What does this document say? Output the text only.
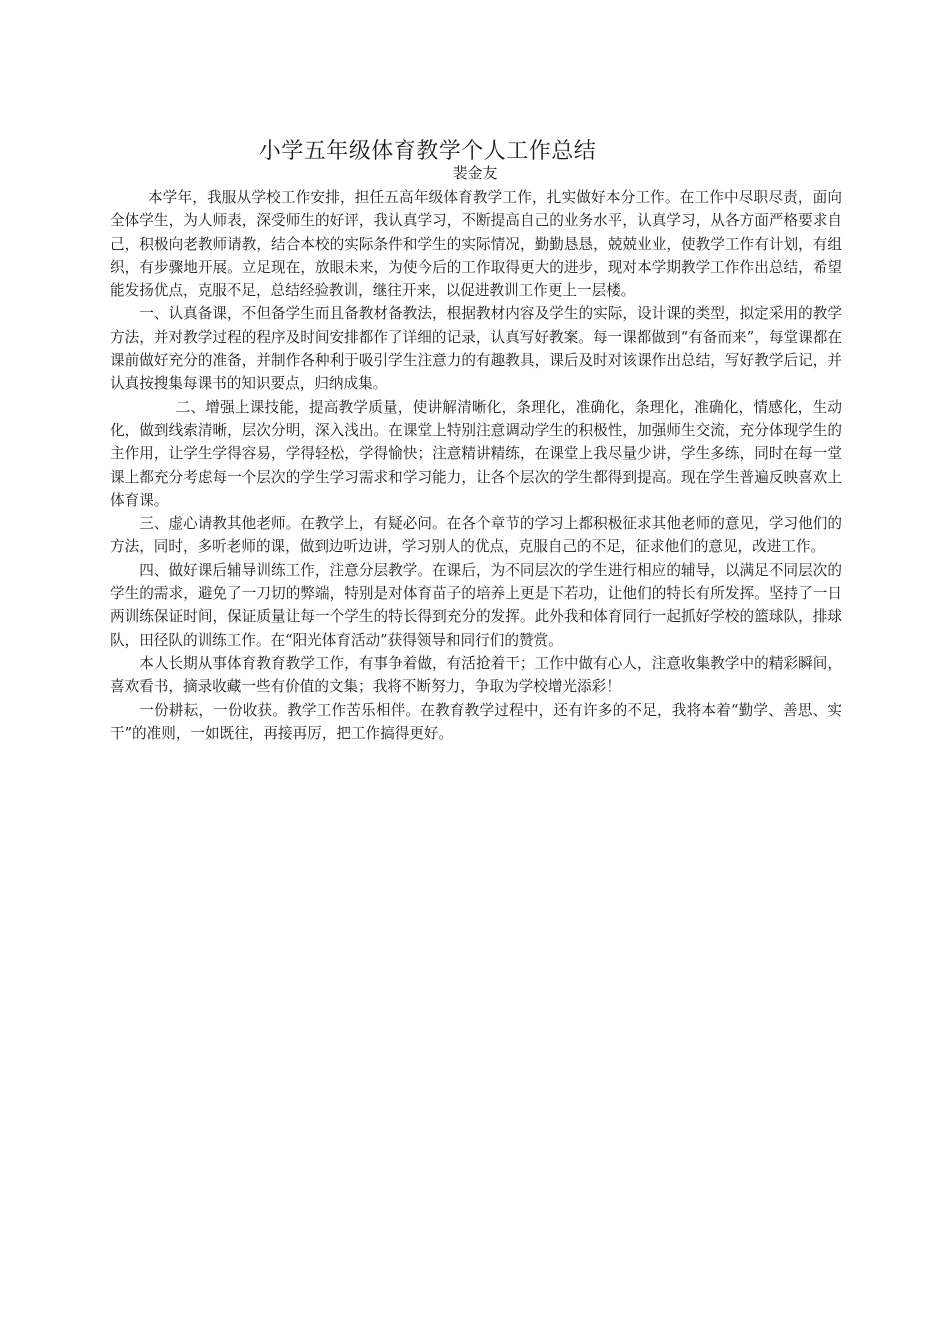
小学五年级体育教学个人工作总结
裴金友

本学年，我服从学校工作安排，担任五高年级体育教学工作，扎实做好本分工作。在工作中尽职尽责，面向全体学生，为人师表，深受师生的好评，我认真学习，不断提高自己的业务水平，认真学习，从各方面严格要求自己，积极向老教师请教，结合本校的实际条件和学生的实际情况，勤勤恳恳，兢兢业业，使教学工作有计划，有组织，有步骤地开展。立足现在，放眼未来，为使今后的工作取得更大的进步，现对本学期教学工作作出总结，希望能发扬优点，克服不足，总结经验教训，继往开来，以促进教训工作更上一层楼。

一、认真备课，不但备学生而且备教材备教法，根据教材内容及学生的实际，设计课的类型，拟定采用的教学方法，并对教学过程的程序及时间安排都作了详细的记录，认真写好教案。每一课都做到“有备而来”，每堂课都在课前做好充分的准备，并制作各种利于吸引学生注意力的有趣教具，课后及时对该课作出总结，写好教学后记，并认真按搜集每课书的知识要点，归纳成集。

二、增强上课技能，提高教学质量，使讲解清晰化，条理化，准确化，条理化，准确化，情感化，生动化，做到线索清晰，层次分明，深入浅出。在课堂上特别注意调动学生的积极性，加强师生交流，充分体现学生的主作用，让学生学得容易，学得轻松，学得愉快；注意精讲精练，在课堂上我尽量少讲，学生多练，同时在每一堂课上都充分考虑每一个层次的学生学习需求和学习能力，让各个层次的学生都得到提高。现在学生普遍反映喜欢上体育课。

三、虚心请教其他老师。在教学上，有疑必问。在各个章节的学习上都积极征求其他老师的意见，学习他们的方法，同时，多听老师的课，做到边听边讲，学习别人的优点，克服自己的不足，征求他们的意见，改进工作。

四、做好课后辅导训练工作，注意分层教学。在课后，为不同层次的学生进行相应的辅导，以满足不同层次的学生的需求，避免了一刀切的弊端，特别是对体育苗子的培养上更是下若功，让他们的特长有所发挥。坚持了一日两训练保证时间，保证质量让每一个学生的特长得到充分的发挥。此外我和体育同行一起抓好学校的篮球队，排球队，田径队的训练工作。在“阳光体育活动”获得领导和同行们的赞赏。

本人长期从事体育教育教学工作，有事争着做，有活抢着干；工作中做有心人，注意收集教学中的精彩瞬间，喜欢看书，摘录收藏一些有价值的文集；我将不断努力，争取为学校增光添彩！

一份耕耘，一份收获。教学工作苦乐相伴。在教育教学过程中，还有许多的不足，我将本着“勤学、善思、实干”的准则，一如既往，再接再厉，把工作搞得更好。
